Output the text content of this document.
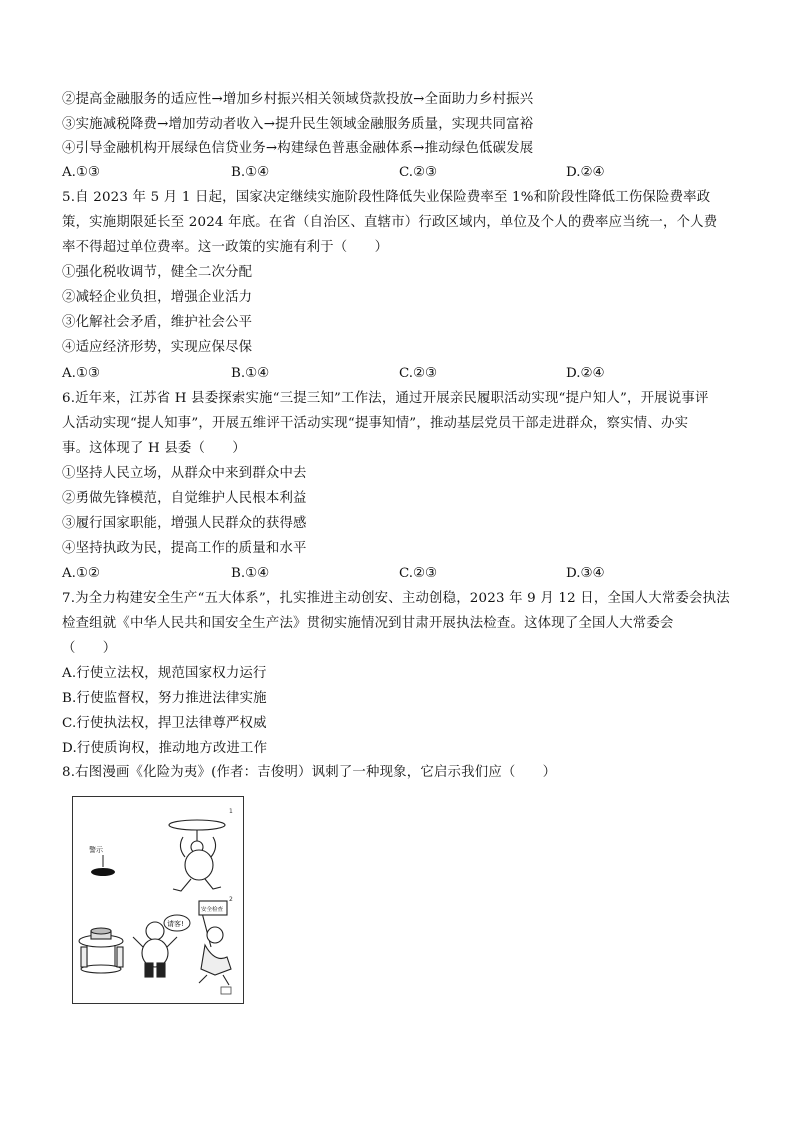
②提高金融服务的适应性→增加乡村振兴相关领域贷款投放→全面助力乡村振兴
③实施减税降费→增加劳动者收入→提升民生领域金融服务质量，实现共同富裕
④引导金融机构开展绿色信贷业务→构建绿色普惠金融体系→推动绿色低碳发展
A.①③	B.①④	C.②③	D.②④
5.自 2023 年 5 月 1 日起，国家决定继续实施阶段性降低失业保险费率至 1%和阶段性降低工伤保险费率政
策，实施期限延长至 2024 年底。在省（自治区、直辖市）行政区域内，单位及个人的费率应当统一，个人费
率不得超过单位费率。这一政策的实施有利于（　　）
①强化税收调节，健全二次分配
②减轻企业负担，增强企业活力
③化解社会矛盾，维护社会公平
④适应经济形势，实现应保尽保
A.①③	B.①④	C.②③	D.②④
6.近年来，江苏省 H 县委探索实施“三提三知”工作法，通过开展亲民履职活动实现“提户知人”，开展说事评
人活动实现“提人知事”，开展五维评干活动实现“提事知情”，推动基层党员干部走进群众，察实情、办实
事。这体现了 H 县委（　　）
①坚持人民立场，从群众中来到群众中去
②勇做先锋模范，自觉维护人民根本利益
③履行国家职能，增强人民群众的获得感
④坚持执政为民，提高工作的质量和水平
A.①②	B.①④	C.②③	D.③④
7.为全力构建安全生产“五大体系”，扎实推进主动创安、主动创稳，2023 年 9 月 12 日，全国人大常委会执法
检查组就《中华人民共和国安全生产法》贯彻实施情况到甘肃开展执法检查。这体现了全国人大常委会
（　　）
A.行使立法权，规范国家权力运行
B.行使监督权，努力推进法律实施
C.行使执法权，捍卫法律尊严权威
D.行使质询权，推动地方改进工作
8.右图漫画《化险为夷》(作者：吉俊明）讽刺了一种现象，它启示我们应（　　）
1
2
警示
请客!
安全检查
